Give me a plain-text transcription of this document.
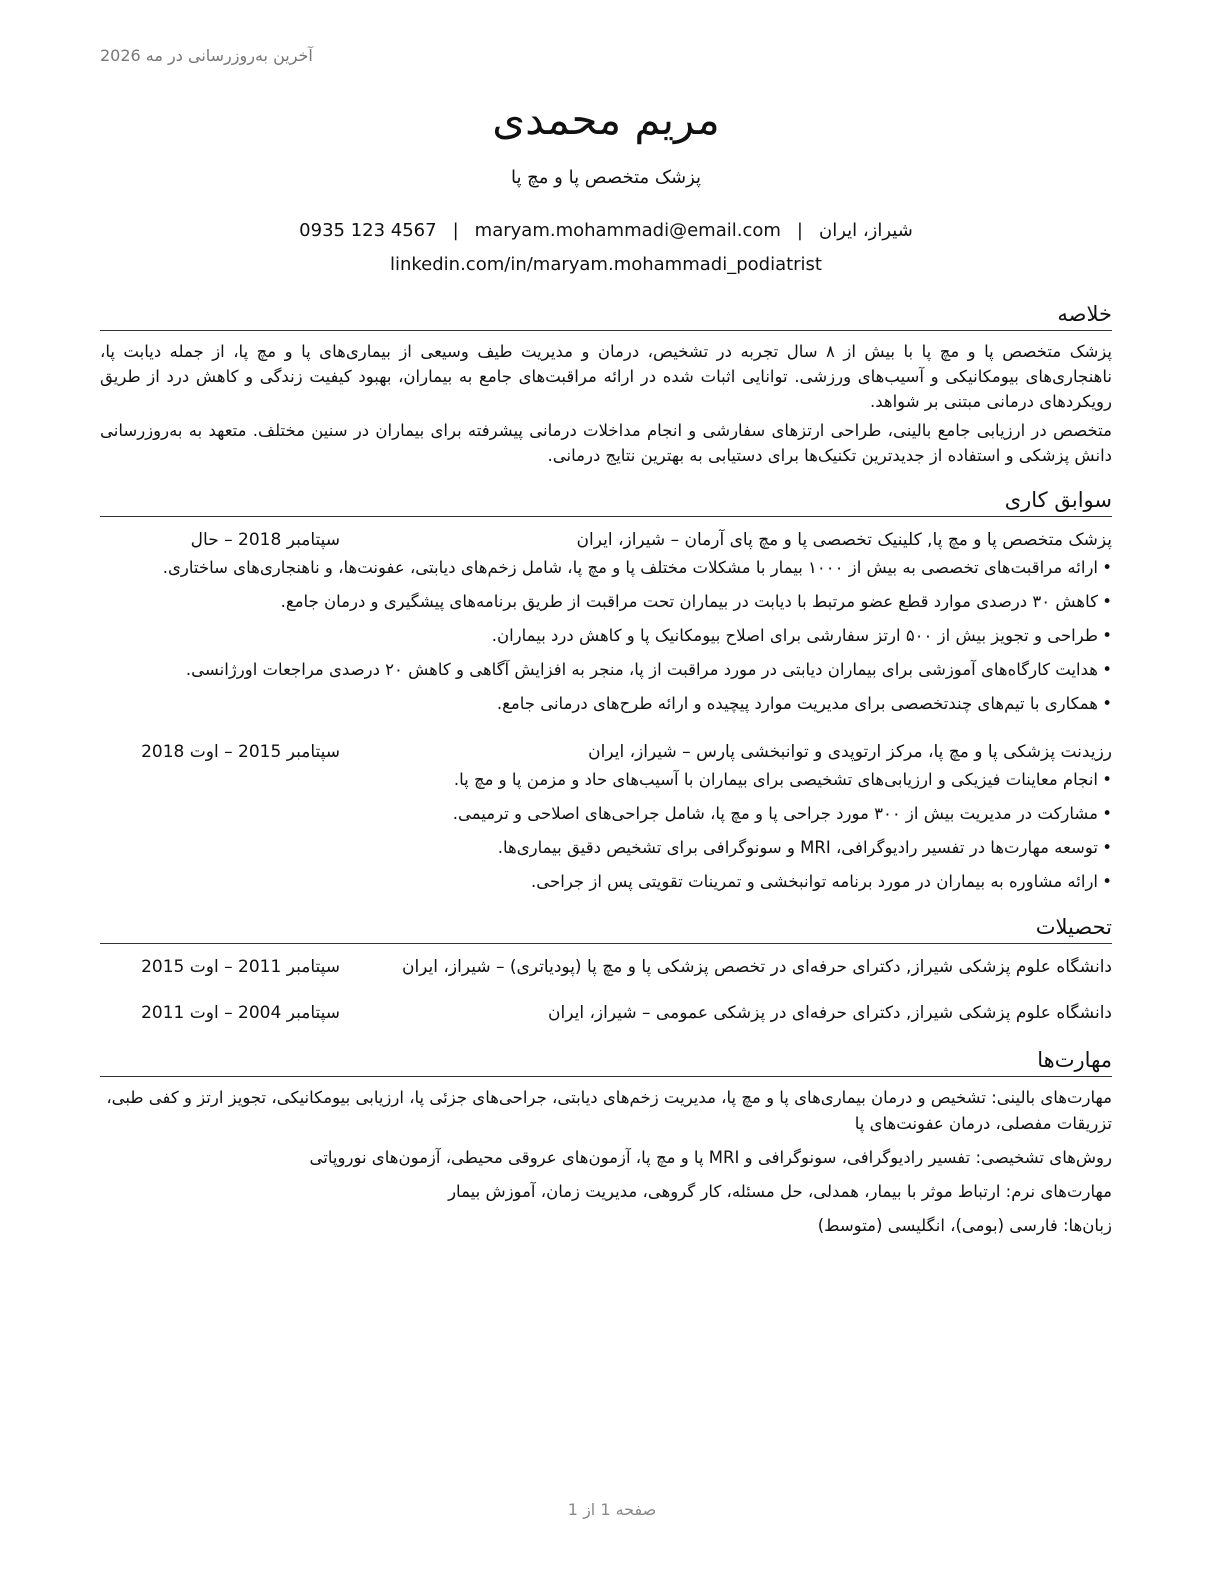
آخرین به‌روزرسانی در مه 2026
مریم محمدی
پزشک متخصص پا و مچ پا
شیراز، ایران|maryam.mohammadi@email.com|0935 123 4567
linkedin.com/in/maryam.mohammadi_podiatrist
خلاصه

پزشک متخصص پا و مچ پا با بیش از ۸ سال تجربه در تشخیص، درمان و مدیریت طیف وسیعی از بیماری‌های پا و مچ پا، از جمله دیابت پا، ناهنجاری‌های بیومکانیکی و آسیب‌های ورزشی. توانایی اثبات شده در ارائه مراقبت‌های جامع به بیماران، بهبود کیفیت زندگی و کاهش درد از طریق رویکردهای درمانی مبتنی بر شواهد.

متخصص در ارزیابی جامع بالینی، طراحی ارتزهای سفارشی و انجام مداخلات درمانی پیشرفته برای بیماران در سنین مختلف. متعهد به به‌روزرسانی دانش پزشکی و استفاده از جدیدترین تکنیک‌ها برای دستیابی به بهترین نتایج درمانی.

سوابق کاری
پزشک متخصص پا و مچ پا, کلینیک تخصصی پا و مچ پای آرمان – شیراز، ایران
سپتامبر 2018 – حال
• ارائه مراقبت‌های تخصصی به بیش از ۱۰۰۰ بیمار با مشکلات مختلف پا و مچ پا، شامل زخم‌های دیابتی، عفونت‌ها، و ناهنجاری‌های ساختاری.
• کاهش ۳۰ درصدی موارد قطع عضو مرتبط با دیابت در بیماران تحت مراقبت از طریق برنامه‌های پیشگیری و درمان جامع.
• طراحی و تجویز بیش از ۵۰۰ ارتز سفارشی برای اصلاح بیومکانیک پا و کاهش درد بیماران.
• هدایت کارگاه‌های آموزشی برای بیماران دیابتی در مورد مراقبت از پا، منجر به افزایش آگاهی و کاهش ۲۰ درصدی مراجعات اورژانسی.
• همکاری با تیم‌های چندتخصصی برای مدیریت موارد پیچیده و ارائه طرح‌های درمانی جامع.
رزیدنت پزشکی پا و مچ پا، مرکز ارتوپدی و توانبخشی پارس – شیراز، ایران
سپتامبر 2015 – اوت 2018
• انجام معاینات فیزیکی و ارزیابی‌های تشخیصی برای بیماران با آسیب‌های حاد و مزمن پا و مچ پا.
• مشارکت در مدیریت بیش از ۳۰۰ مورد جراحی پا و مچ پا، شامل جراحی‌های اصلاحی و ترمیمی.
• توسعه مهارت‌ها در تفسیر رادیوگرافی، MRI و سونوگرافی برای تشخیص دقیق بیماری‌ها.
• ارائه مشاوره به بیماران در مورد برنامه توانبخشی و تمرینات تقویتی پس از جراحی.
تحصیلات
دانشگاه علوم پزشکی شیراز, دکترای حرفه‌ای در تخصص پزشکی پا و مچ پا (پودیاتری) – شیراز، ایران
سپتامبر 2011 – اوت 2015
دانشگاه علوم پزشکی شیراز, دکترای حرفه‌ای در پزشکی عمومی – شیراز، ایران
سپتامبر 2004 – اوت 2011
مهارت‌ها

مهارت‌های بالینی: تشخیص و درمان بیماری‌های پا و مچ پا، مدیریت زخم‌های دیابتی، جراحی‌های جزئی پا، ارزیابی بیومکانیکی، تجویز ارتز و کفی طبی، تزریقات مفصلی، درمان عفونت‌های پا

روش‌های تشخیصی: تفسیر رادیوگرافی، سونوگرافی و MRI پا و مچ پا، آزمون‌های عروقی محیطی، آزمون‌های نوروپاتی

مهارت‌های نرم: ارتباط موثر با بیمار، همدلی، حل مسئله، کار گروهی، مدیریت زمان، آموزش بیمار

زبان‌ها: فارسی (بومی)، انگلیسی (متوسط)

صفحه 1 از 1
